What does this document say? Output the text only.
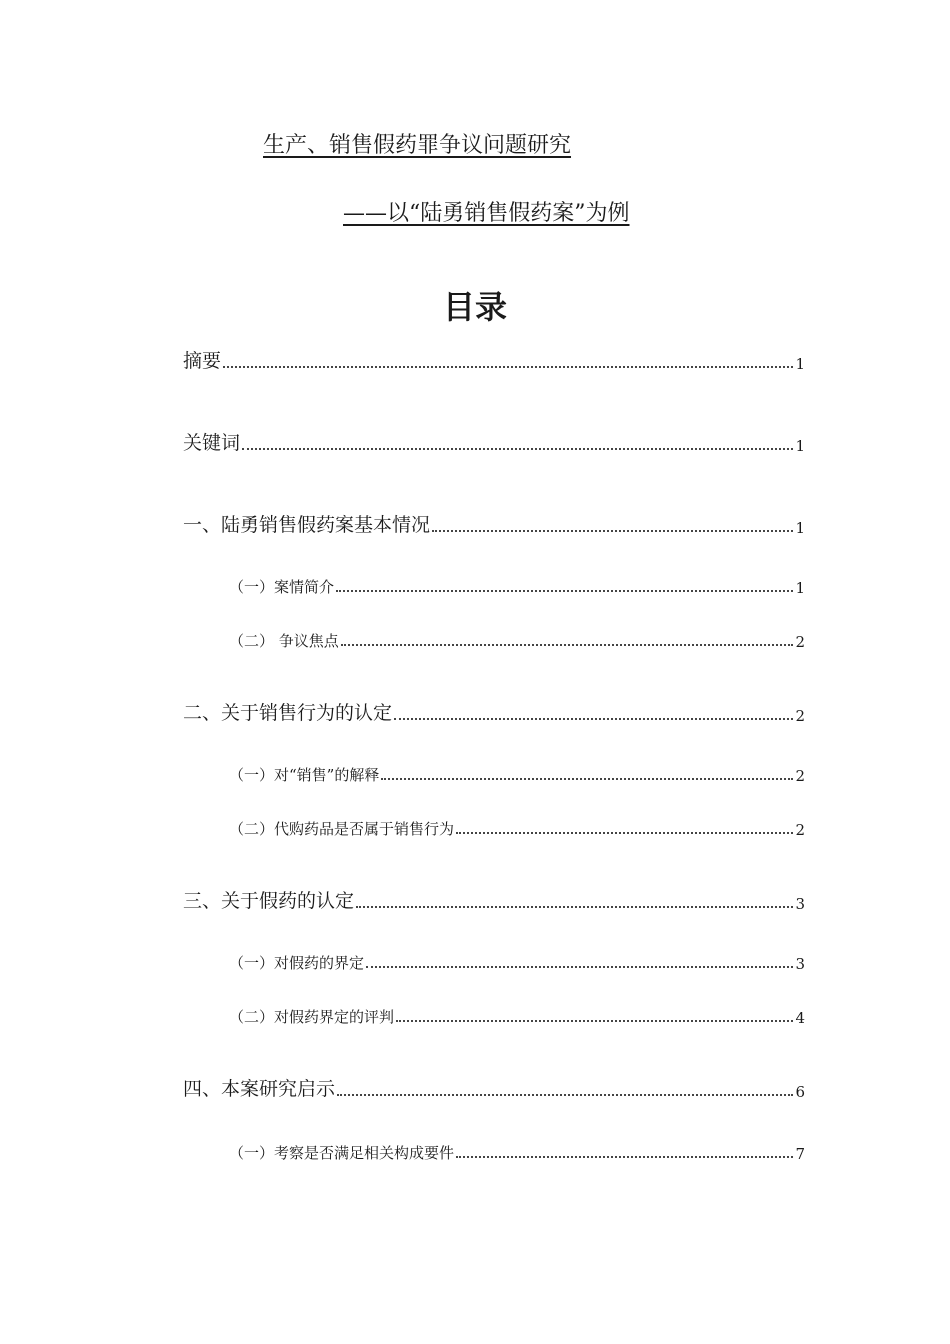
生产、销售假药罪争议问题研究
——以“陆勇销售假药案”为例
目录
摘要	1
关键词	1
一、陆勇销售假药案基本情况	1
（一）案情简介	1
（二） 争议焦点	2
二、关于销售行为的认定	2
（一）对“销售”的解释	2
（二）代购药品是否属于销售行为	2
三、关于假药的认定	3
（一）对假药的界定	3
（二）对假药界定的评判	4
四、本案研究启示	6
（一）考察是否满足相关构成要件	7
